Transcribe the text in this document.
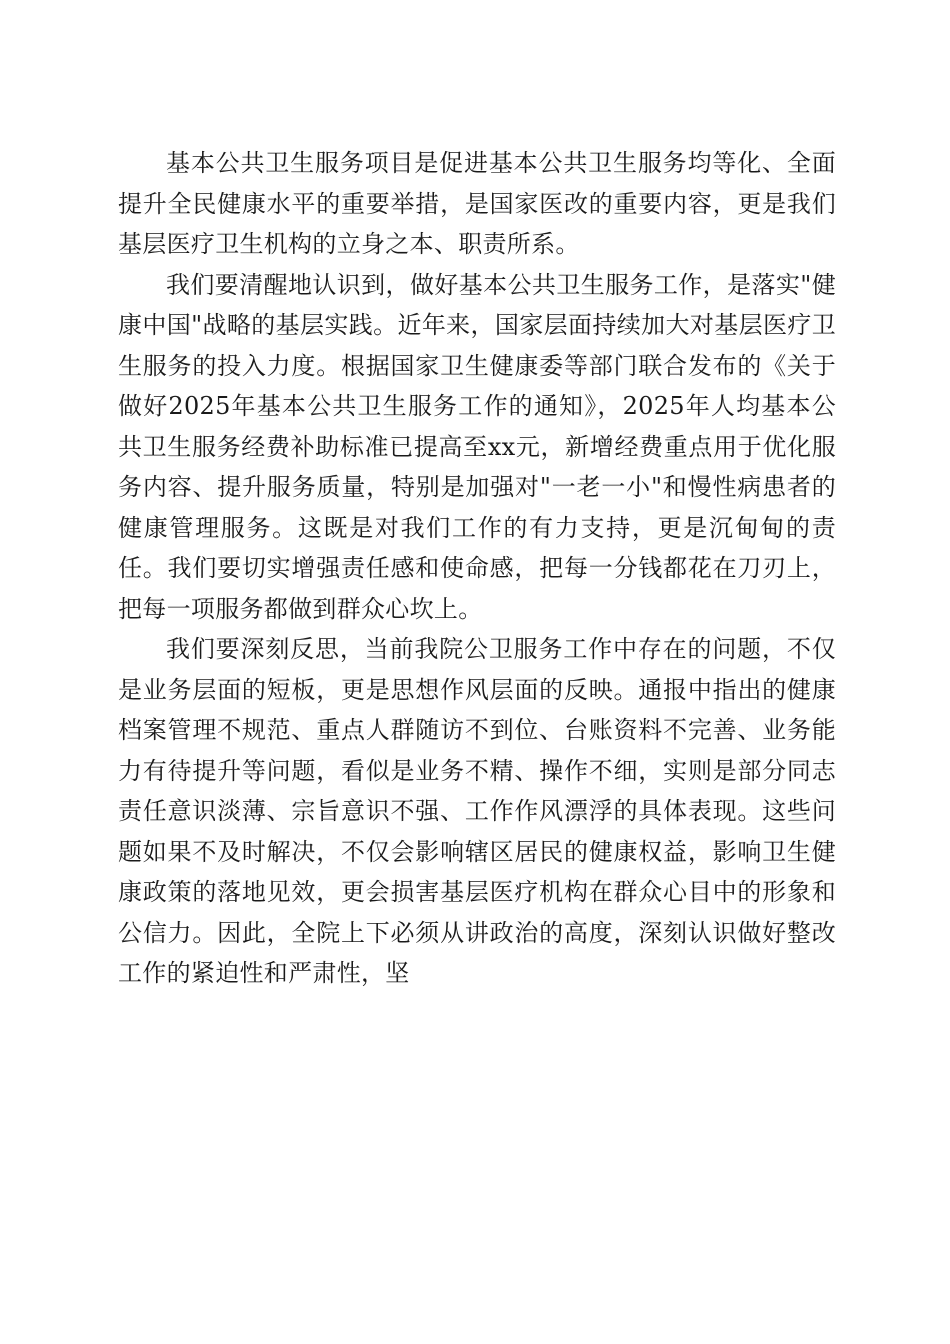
基本公共卫生服务项目是促进基本公共卫生服务均等化、全面提升全民健康水平的重要举措，是国家医改的重要内容，更是我们基层医疗卫生机构的立身之本、职责所系。

我们要清醒地认识到，做好基本公共卫生服务工作，是落实"健康中国"战略的基层实践。近年来，国家层面持续加大对基层医疗卫生服务的投入力度。根据国家卫生健康委等部门联合发布的《关于做好2025年基本公共卫生服务工作的通知》，2025年人均基本公共卫生服务经费补助标准已提高至xx元，新增经费重点用于优化服务内容、提升服务质量，特别是加强对"一老一小"和慢性病患者的健康管理服务。这既是对我们工作的有力支持，更是沉甸甸的责任。我们要切实增强责任感和使命感，把每一分钱都花在刀刃上，把每一项服务都做到群众心坎上。

我们要深刻反思，当前我院公卫服务工作中存在的问题，不仅是业务层面的短板，更是思想作风层面的反映。通报中指出的健康档案管理不规范、重点人群随访不到位、台账资料不完善、业务能力有待提升等问题，看似是业务不精、操作不细，实则是部分同志责任意识淡薄、宗旨意识不强、工作作风漂浮的具体表现。这些问题如果不及时解决，不仅会影响辖区居民的健康权益，影响卫生健康政策的落地见效，更会损害基层医疗机构在群众心目中的形象和公信力。因此，全院上下必须从讲政治的高度，深刻认识做好整改工作的紧迫性和严肃性，坚
